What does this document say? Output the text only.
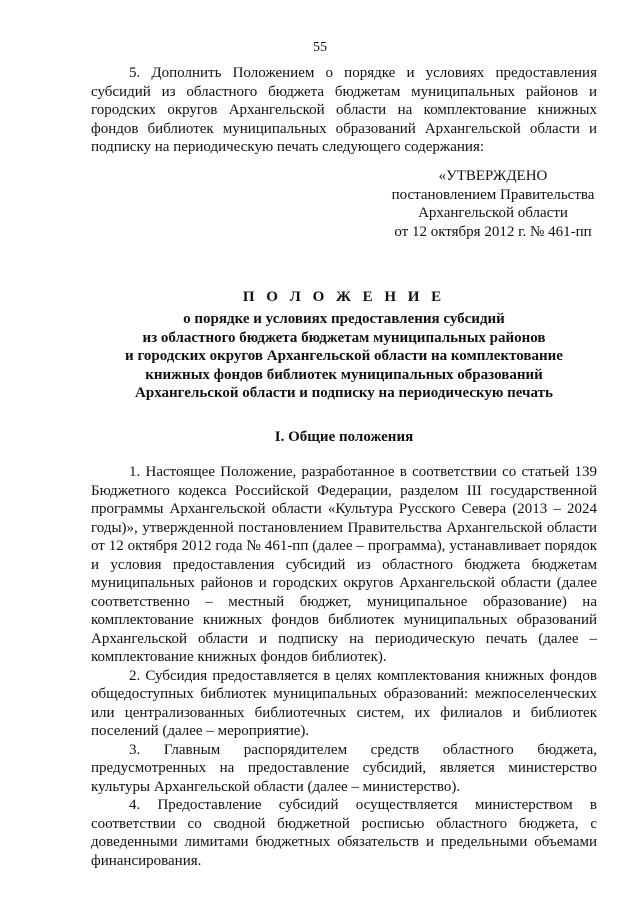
55

5. Дополнить Положением о порядке и условиях предоставления субсидий из областного бюджета бюджетам муниципальных районов и городских округов Архангельской области на комплектование книжных фондов библиотек муниципальных образований Архангельской области и подписку на периодическую печать следующего содержания:

«УТВЕРЖДЕНО
постановлением Правительства
Архангельской области
от 12 октября 2012 г. № 461-пп
П О Л О Ж Е Н И Е
о порядке и условиях предоставления субсидий
из областного бюджета бюджетам муниципальных районов
и городских округов Архангельской области на комплектование
книжных фондов библиотек муниципальных образований
Архангельской области и подписку на периодическую печать
I. Общие положения

1. Настоящее Положение, разработанное в соответствии со статьей 139 Бюджетного кодекса Российской Федерации, разделом III государственной программы Архангельской области «Культура Русского Севера (2013 – 2024 годы)», утвержденной постановлением Правительства Архангельской области от 12 октября 2012 года № 461-пп (далее – программа), устанавливает порядок и условия предоставления субсидий из областного бюджета бюджетам муниципальных районов и городских округов Архангельской области (далее соответственно – местный бюджет, муниципальное образование) на комплектование книжных фондов библиотек муниципальных образований Архангельской области и подписку на периодическую печать (далее – комплектование книжных фондов библиотек).

2. Субсидия предоставляется в целях комплектования книжных фондов общедоступных библиотек муниципальных образований: межпоселенческих или централизованных библиотечных систем, их филиалов и библиотек поселений (далее – мероприятие).

3. Главным распорядителем средств областного бюджета, предусмотренных на предоставление субсидий, является министерство культуры Архангельской области (далее – министерство).

4. Предоставление субсидий осуществляется министерством в соответствии со сводной бюджетной росписью областного бюджета, с доведенными лимитами бюджетных обязательств и предельными объемами финансирования.
